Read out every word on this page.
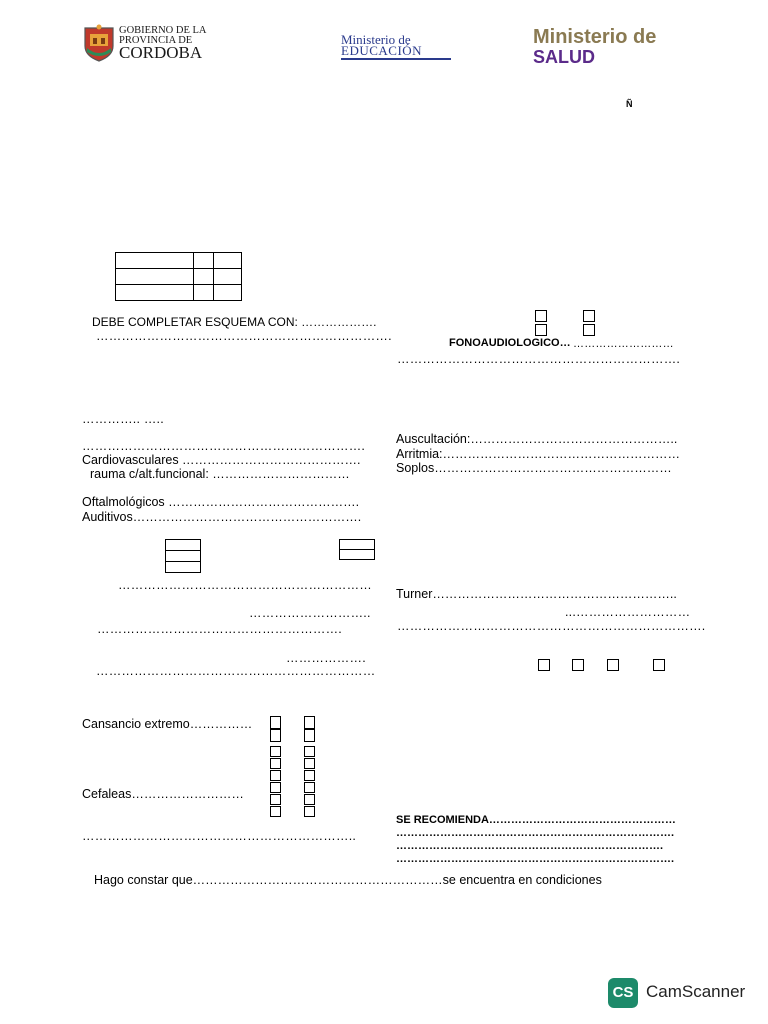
GOBIERNO DE LA
PROVINCIA DE
CORDOBA
Ministerio de
EDUCACIÓN
Ministerio de
SALUD
Ñ

DEBE COMPLETAR ESQUEMA CON: ……………….
…………………………………………………………….
………….. …..
………………………………………………………….
Cardiovasculares …………………………………….
rauma c/alt.funcional: ……………………………
Oftalmológicos ……………………………………….
Auditivos……………………………………………….

……………………………………………………
………………………..
………………………………………………….
……………….
…………………………………………………………
Cansancio extremo……………
Cefaleas………………………
………………………………………………………..
Hago constar que……………………………………………………se encuentra en condiciones
FONOAUDIOLOGICO… ………………………
………………………………………………………….
Auscultación:…………………………………………..
Arritmia:…………………………………………………
Soplos…………………………………………………
Turner…………………………………………………..
...………………………
……………………………………………………………….
SE RECOMIENDA……………………………………………
………………………………………………………………….
……………………………………………………………….
………………………………………………………………….
CS CamScanner
